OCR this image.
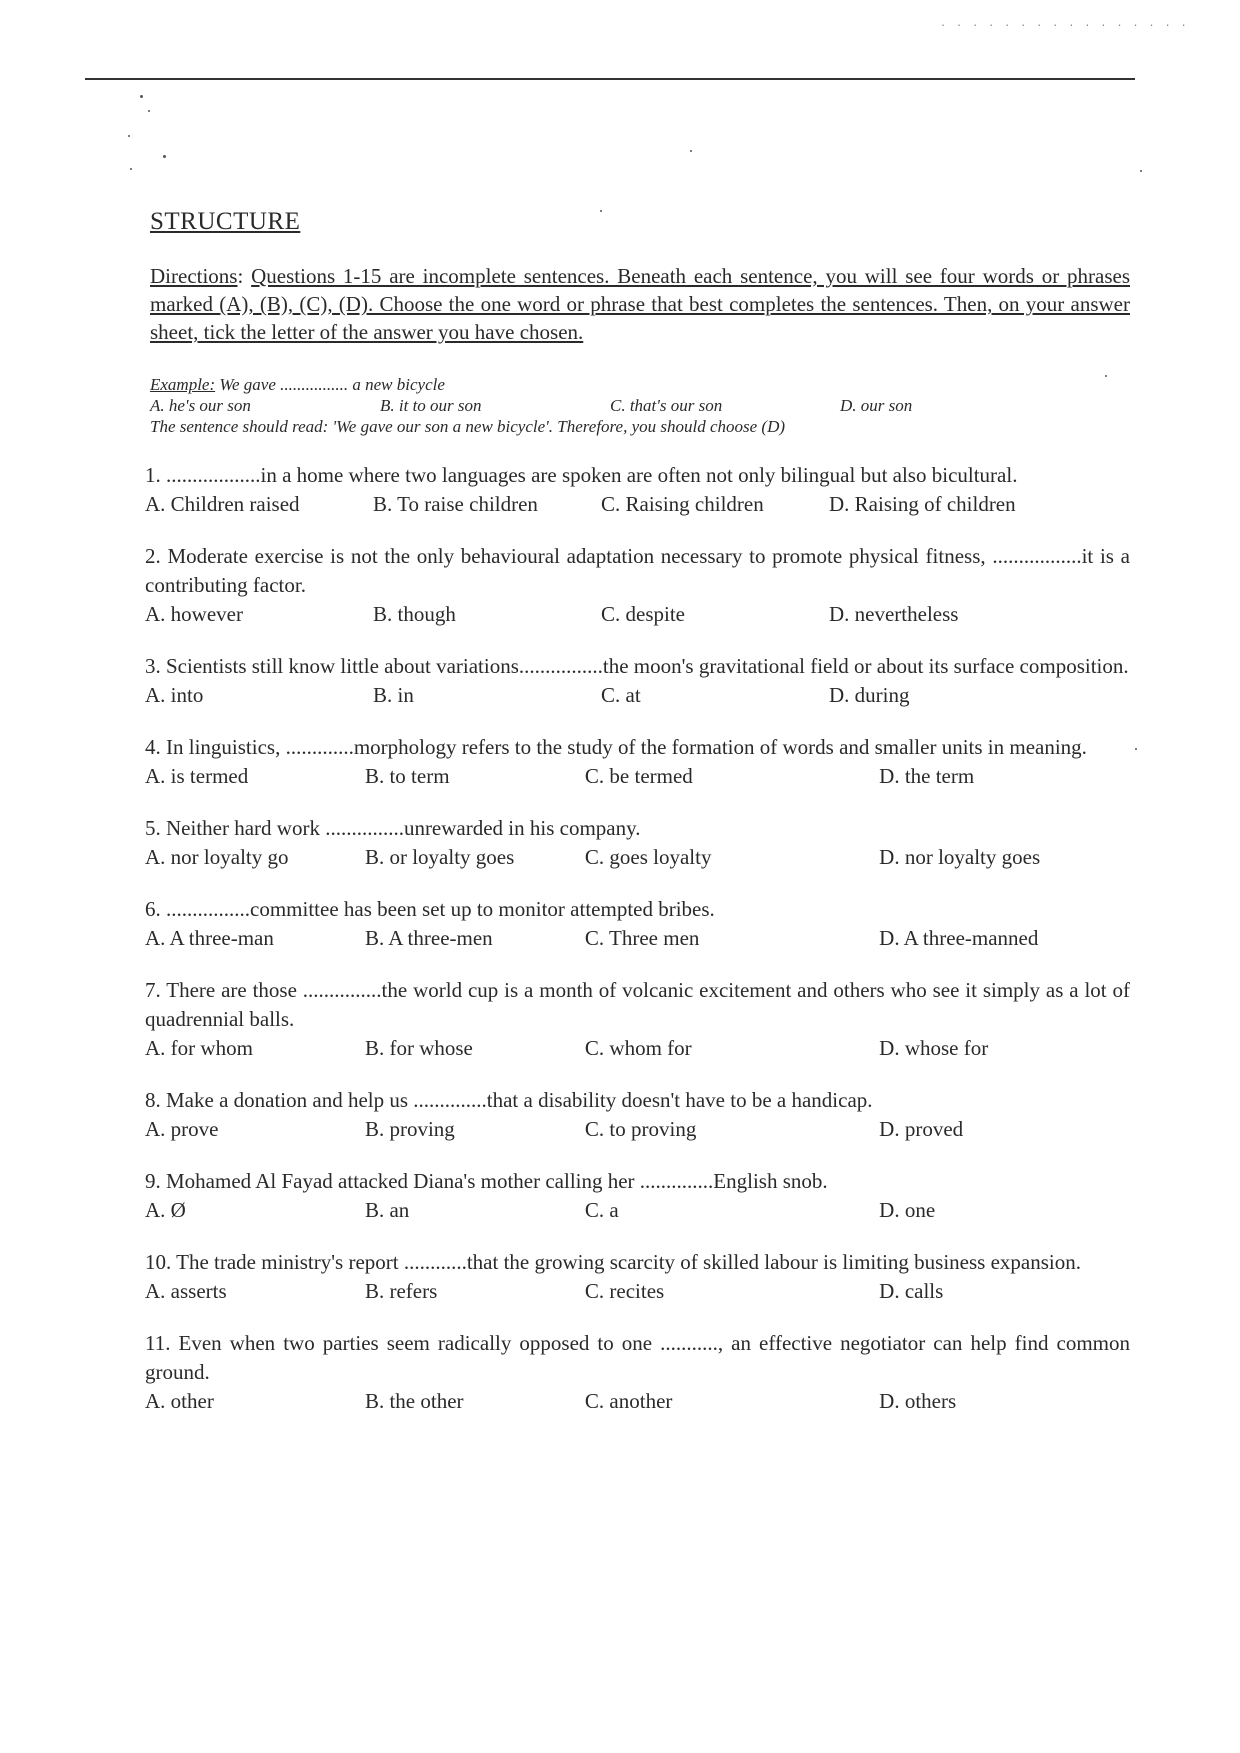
. . . . . . . . . . . . . . . .
STRUCTURE
Directions: Questions 1-15 are incomplete sentences. Beneath each sentence, you will see four words or phrases marked (A), (B), (C), (D). Choose the one word or phrase that best completes the sentences. Then, on your answer sheet, tick the letter of the answer you have chosen.
Example: We gave ................ a new bicycle
A. he's our son	B. it to our son	C. that's our son	D. our son
The sentence should read: 'We gave our son a new bicycle'. Therefore, you should choose (D)
1. ..................in a home where two languages are spoken are often not only bilingual but also bicultural.
A. Children raised	B. To raise children	C. Raising children	D. Raising of children
2. Moderate exercise is not the only behavioural adaptation necessary to promote physical fitness, .................it is a contributing factor.
A. however	B. though	C. despite	D. nevertheless
3. Scientists still know little about variations................the moon's gravitational field or about its surface composition.
A. into	B. in	C. at	D. during
4. In linguistics, .............morphology refers to the study of the formation of words and smaller units in meaning.
A. is termed	B. to term	C. be termed	D. the term
5. Neither hard work ...............unrewarded in his company.
A. nor loyalty go	B. or loyalty goes	C. goes loyalty	D. nor loyalty goes
6. ................committee has been set up to monitor attempted bribes.
A. A three-man	B. A three-men	C. Three men	D. A three-manned
7. There are those ...............the world cup is a month of volcanic excitement and others who see it simply as a lot of quadrennial balls.
A. for whom	B. for whose	C. whom for	D. whose for
8. Make a donation and help us ..............that a disability doesn't have to be a handicap.
A. prove	B. proving	C. to proving	D. proved
9. Mohamed Al Fayad attacked Diana's mother calling her ..............English snob.
A. Ø	B. an	C. a	D. one
10. The trade ministry's report ............that the growing scarcity of skilled labour is limiting business expansion.
A. asserts	B. refers	C. recites	D. calls
11. Even when two parties seem radically opposed to one ..........., an effective negotiator can help find common ground.
A. other	B. the other	C. another	D. others
